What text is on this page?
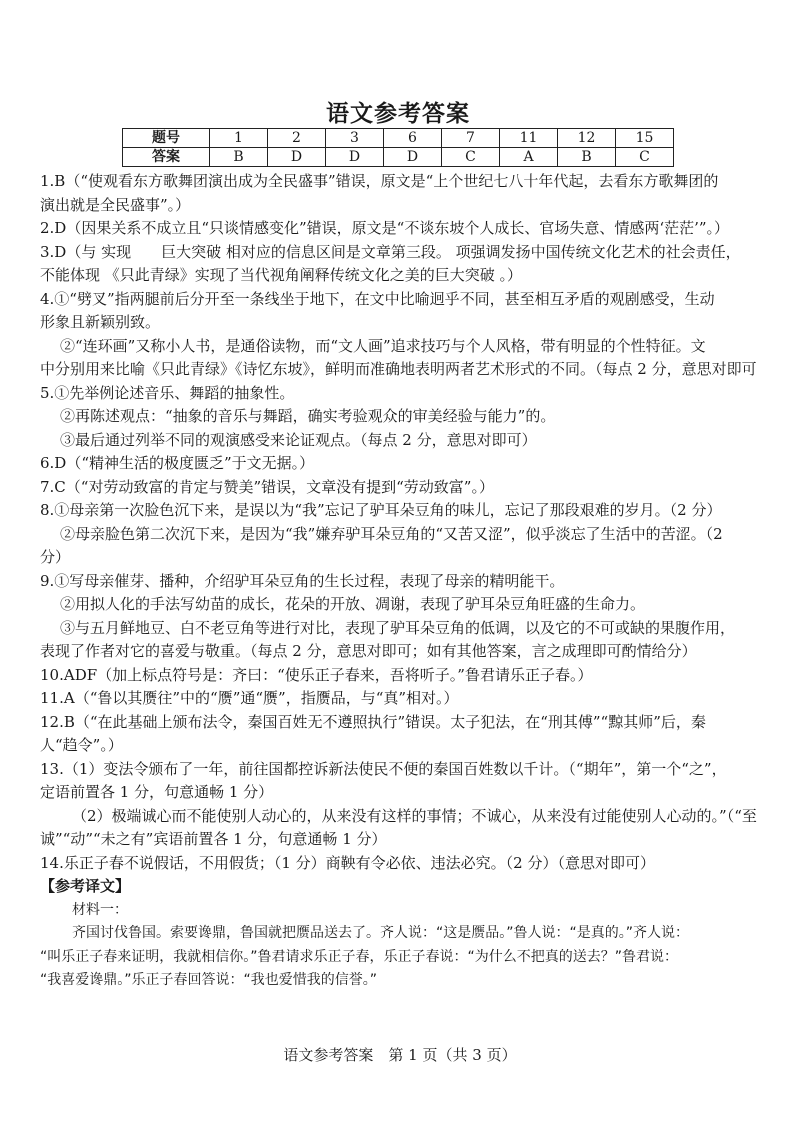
语文参考答案
题号	1	2	3	6	7	11	12	15
答案	B	D	D	D	C	A	B	C

1.B（“使观看东方歌舞团演出成为全民盛事”错误，原文是“上个世纪七八十年代起，去看东方歌舞团的

演出就是全民盛事”。）

2.D（因果关系不成立且“只谈情感变化”错误，原文是“不谈东坡个人成长、官场失意、情感两‘茫茫’”。）

3.D（与 实现　　巨大突破 相对应的信息区间是文章第三段。 项强调发扬中国传统文化艺术的社会责任，

不能体现 《只此青绿》实现了当代视角阐释传统文化之美的巨大突破 。）

4.①“劈叉”指两腿前后分开至一条线坐于地下，在文中比喻迥乎不同，甚至相互矛盾的观剧感受，生动

形象且新颖别致。

②“连环画”又称小人书，是通俗读物，而“文人画”追求技巧与个人风格，带有明显的个性特征。文

中分别用来比喻《只此青绿》《诗忆东坡》，鲜明而准确地表明两者艺术形式的不同。（每点 2 分，意思对即可

5.①先举例论述音乐、舞蹈的抽象性。

②再陈述观点：“抽象的音乐与舞蹈，确实考验观众的审美经验与能力”的。

③最后通过列举不同的观演感受来论证观点。（每点 2 分，意思对即可）

6.D（“精神生活的极度匮乏”于文无据。）

7.C（“对劳动致富的肯定与赞美”错误，文章没有提到“劳动致富”。）

8.①母亲第一次脸色沉下来，是误以为“我”忘记了驴耳朵豆角的味儿，忘记了那段艰难的岁月。（2 分）

②母亲脸色第二次沉下来，是因为“我”嫌弃驴耳朵豆角的“又苦又涩”，似乎淡忘了生活中的苦涩。（2

分）

9.①写母亲催芽、播种，介绍驴耳朵豆角的生长过程，表现了母亲的精明能干。

②用拟人化的手法写幼苗的成长，花朵的开放、凋谢，表现了驴耳朵豆角旺盛的生命力。

③与五月鲜地豆、白不老豆角等进行对比，表现了驴耳朵豆角的低调，以及它的不可或缺的果腹作用，

表现了作者对它的喜爱与敬重。（每点 2 分，意思对即可；如有其他答案，言之成理即可酌情给分）

10.ADF（加上标点符号是：齐曰：“使乐正子春来，吾将听子。”鲁君请乐正子春。）

11.A（“鲁以其赝往”中的“赝”通“赝”，指赝品，与“真”相对。）

12.B（“在此基础上颁布法令，秦国百姓无不遵照执行”错误。太子犯法，在“刑其傅”“黥其师”后，秦

人“趋令”。）

13.（1）变法令颁布了一年，前往国都控诉新法使民不便的秦国百姓数以千计。（“期年”，第一个“之”，

定语前置各 1 分，句意通畅 1 分）

（2）极端诚心而不能使别人动心的，从来没有这样的事情；不诚心，从来没有过能使别人心动的。”（“至

诚”“动”“未之有”宾语前置各 1 分，句意通畅 1 分）

14.乐正子春不说假话，不用假货；（1 分）商鞅有令必依、违法必究。（2 分）（意思对即可）

【参考译文】

材料一：

齐国讨伐鲁国。索要谗鼎，鲁国就把赝品送去了。齐人说：“这是赝品。”鲁人说：“是真的。”齐人说：

“叫乐正子春来证明，我就相信你。”鲁君请求乐正子春，乐正子春说：“为什么不把真的送去？”鲁君说：

“我喜爱谗鼎。”乐正子春回答说：“我也爱惜我的信誉。”

语文参考答案　第 1 页（共 3 页）
